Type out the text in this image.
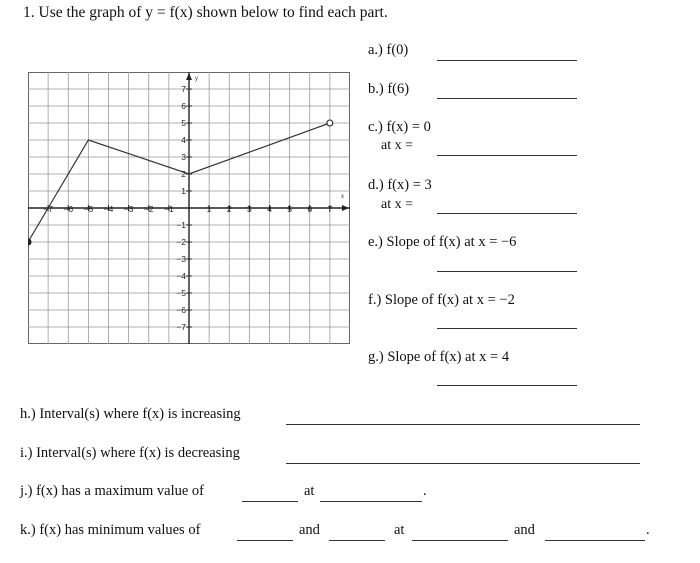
1. Use the graph of y = f(x) shown below to find each part.
x
y
−7 −6 −5 −4 −3 −2 −1	1 2 3 4 5 6 7
7
6
5
4
3
2
1
−1
−2
−3
−4
−5
−6
−7
a.) f(0)
b.) f(6)
c.) f(x) = 0
at x =
d.) f(x) = 3
at x =
e.) Slope of f(x) at x = −6
f.) Slope of f(x) at x = −2
g.) Slope of f(x) at x = 4
h.) Interval(s) where f(x) is increasing
i.) Interval(s) where f(x) is decreasing
j.) f(x) has a maximum value of	at	.
k.) f(x) has minimum values of	and	at	and	.
